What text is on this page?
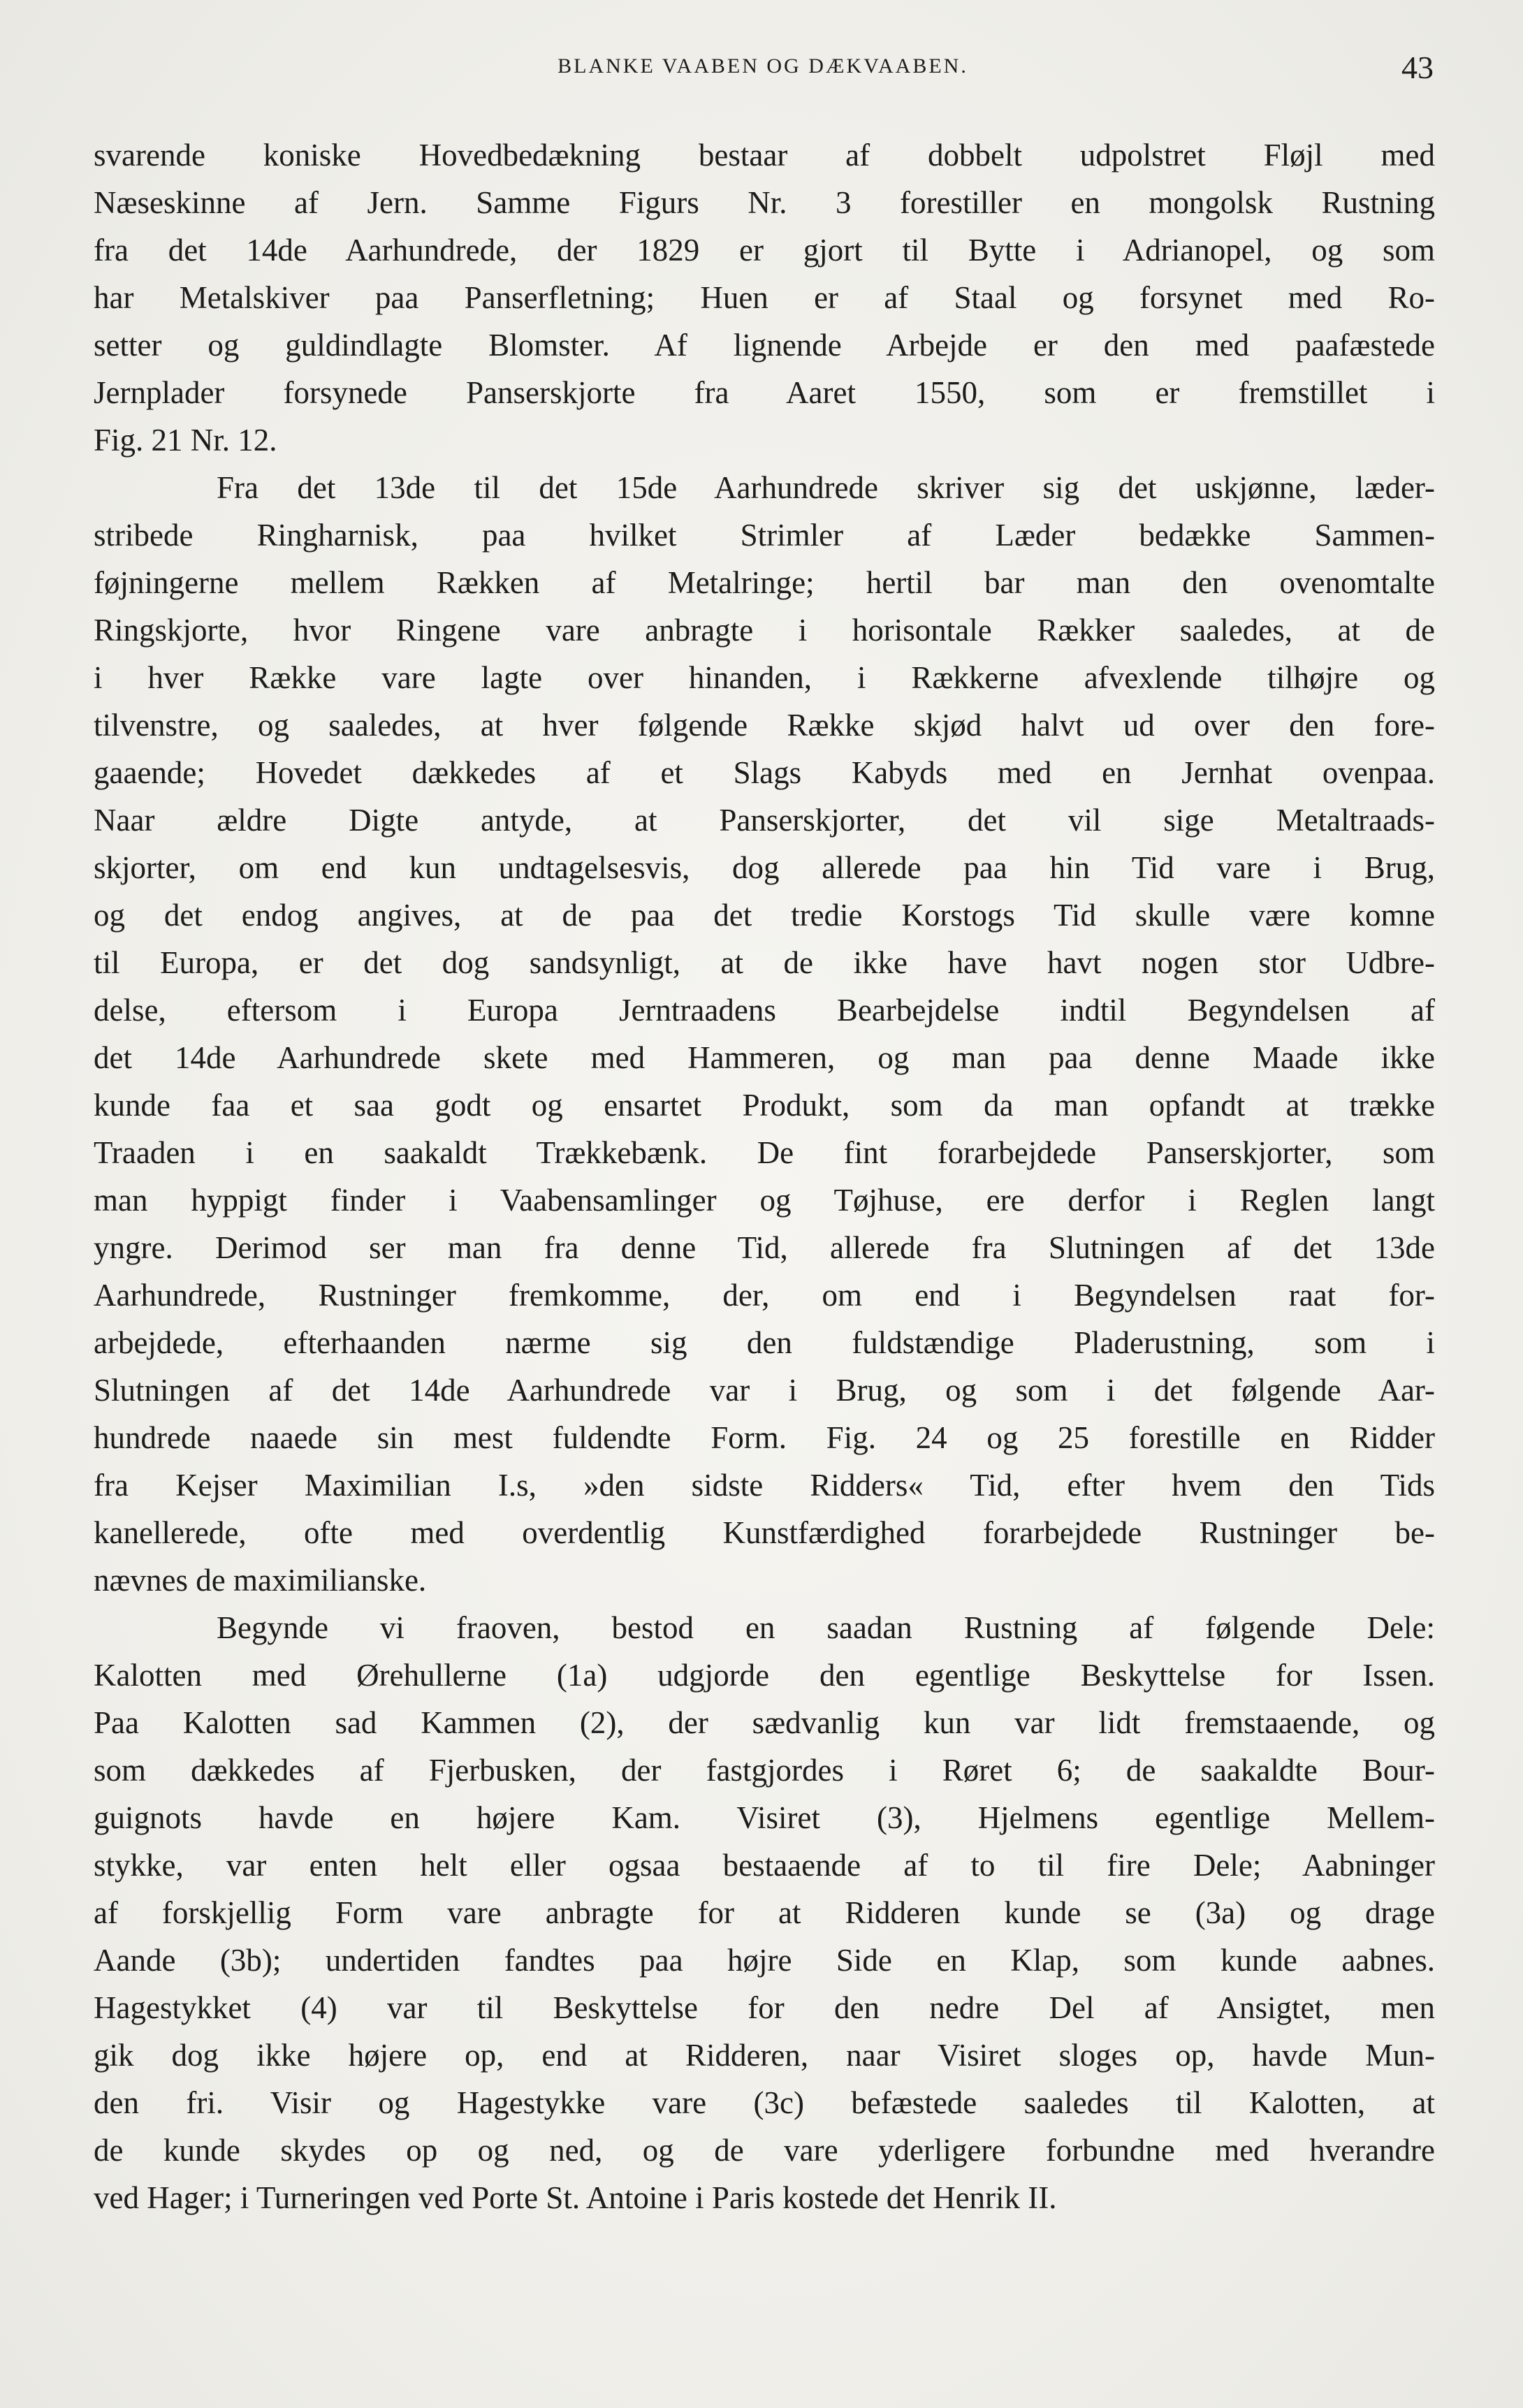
BLANKE VAABEN OG DÆKVAABEN.	43
svarende koniske Hovedbedækning bestaar af dobbelt udpolstret Fløjl med
Næseskinne af Jern. Samme Figurs Nr. 3 forestiller en mongolsk Rustning
fra det 14de Aarhundrede, der 1829 er gjort til Bytte i Adrianopel, og som
har Metalskiver paa Panserfletning; Huen er af Staal og forsynet med Ro-
setter og guldindlagte Blomster. Af lignende Arbejde er den med paafæstede
Jernplader forsynede Panserskjorte fra Aaret 1550, som er fremstillet i
Fig. 21 Nr. 12.
Fra det 13de til det 15de Aarhundrede skriver sig det uskjønne, læder-
stribede Ringharnisk, paa hvilket Strimler af Læder bedække Sammen-
føjningerne mellem Rækken af Metalringe; hertil bar man den ovenomtalte
Ringskjorte, hvor Ringene vare anbragte i horisontale Rækker saaledes, at de
i hver Række vare lagte over hinanden, i Rækkerne afvexlende tilhøjre og
tilvenstre, og saaledes, at hver følgende Række skjød halvt ud over den fore-
gaaende; Hovedet dækkedes af et Slags Kabyds med en Jernhat ovenpaa.
Naar ældre Digte antyde, at Panserskjorter, det vil sige Metaltraads-
skjorter, om end kun undtagelsesvis, dog allerede paa hin Tid vare i Brug,
og det endog angives, at de paa det tredie Korstogs Tid skulle være komne
til Europa, er det dog sandsynligt, at de ikke have havt nogen stor Udbre-
delse, eftersom i Europa Jerntraadens Bearbejdelse indtil Begyndelsen af
det 14de Aarhundrede skete med Hammeren, og man paa denne Maade ikke
kunde faa et saa godt og ensartet Produkt, som da man opfandt at trække
Traaden i en saakaldt Trækkebænk. De fint forarbejdede Panserskjorter, som
man hyppigt finder i Vaabensamlinger og Tøjhuse, ere derfor i Reglen langt
yngre. Derimod ser man fra denne Tid, allerede fra Slutningen af det 13de
Aarhundrede, Rustninger fremkomme, der, om end i Begyndelsen raat for-
arbejdede, efterhaanden nærme sig den fuldstændige Pladerustning, som i
Slutningen af det 14de Aarhundrede var i Brug, og som i det følgende Aar-
hundrede naaede sin mest fuldendte Form. Fig. 24 og 25 forestille en Ridder
fra Kejser Maximilian I.s, »den sidste Ridders« Tid, efter hvem den Tids
kanellerede, ofte med overdentlig Kunstfærdighed forarbejdede Rustninger be-
nævnes de maximilianske.
Begynde vi fraoven, bestod en saadan Rustning af følgende Dele:
Kalotten med Ørehullerne (1a) udgjorde den egentlige Beskyttelse for Issen.
Paa Kalotten sad Kammen (2), der sædvanlig kun var lidt fremstaaende, og
som dækkedes af Fjerbusken, der fastgjordes i Røret 6; de saakaldte Bour-
guignots havde en højere Kam. Visiret (3), Hjelmens egentlige Mellem-
stykke, var enten helt eller ogsaa bestaaende af to til fire Dele; Aabninger
af forskjellig Form vare anbragte for at Ridderen kunde se (3a) og drage
Aande (3b); undertiden fandtes paa højre Side en Klap, som kunde aabnes.
Hagestykket (4) var til Beskyttelse for den nedre Del af Ansigtet, men
gik dog ikke højere op, end at Ridderen, naar Visiret sloges op, havde Mun-
den fri. Visir og Hagestykke vare (3c) befæstede saaledes til Kalotten, at
de kunde skydes op og ned, og de vare yderligere forbundne med hverandre
ved Hager; i Turneringen ved Porte St. Antoine i Paris kostede det Henrik II.
